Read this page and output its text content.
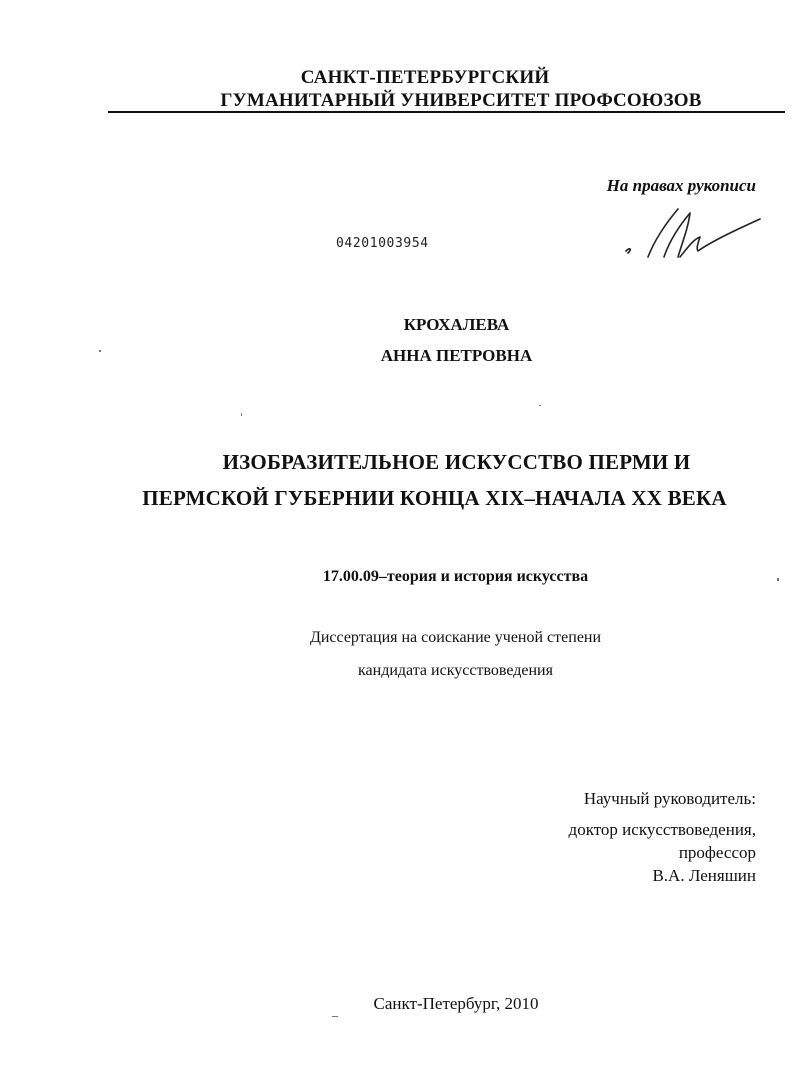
САНКТ-ПЕТЕРБУРГСКИЙ
ГУМАНИТАРНЫЙ УНИВЕРСИТЕТ ПРОФСОЮЗОВ
На правах рукописи
04201003954
КРОХАЛЕВА
АННА ПЕТРОВНА
ИЗОБРАЗИТЕЛЬНОЕ ИСКУССТВО ПЕРМИ И
ПЕРМСКОЙ ГУБЕРНИИ КОНЦА XIX–НАЧАЛА XX ВЕКА
17.00.09–теория и история искусства
Диссертация на соискание ученой степени
кандидата искусствоведения
Научный руководитель:
доктор искусствоведения,
профессор
В.А. Леняшин
Санкт-Петербург, 2010
